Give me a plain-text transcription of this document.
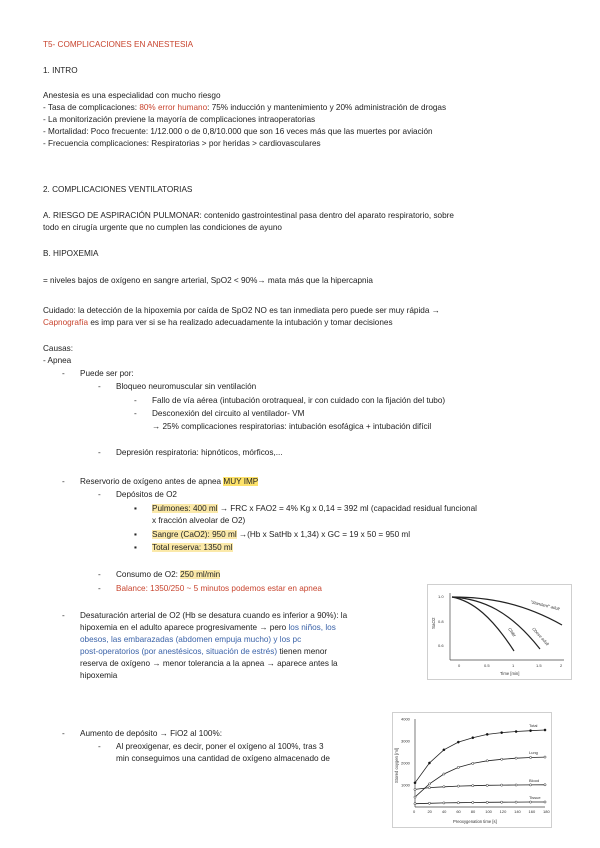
T5- COMPLICACIONES EN ANESTESIA
1. INTRO
Anestesia es una especialidad con mucho riesgo
- Tasa de complicaciones: 80% error humano: 75% inducción y mantenimiento y 20% administración de drogas
- La monitorización previene la mayoría de complicaciones intraoperatorias
- Mortalidad: Poco frecuente: 1/12.000 o de 0,8/10.000 que son 16 veces más que las muertes por aviación
- Frecuencia complicaciones: Respiratorias > por heridas > cardiovasculares
2. COMPLICACIONES VENTILATORIAS
A. RIESGO DE ASPIRACIÓN PULMONAR: contenido gastrointestinal pasa dentro del aparato respiratorio, sobre
todo en cirugía urgente que no cumplen las condiciones de ayuno
B. HIPOXEMIA
= niveles bajos de oxígeno en sangre arterial, SpO2 < 90%→ mata más que la hipercapnia
Cuidado: la detección de la hipoxemia por caída de SpO2 NO es tan inmediata pero puede ser muy rápida →
Capnografía es imp para ver si se ha realizado adecuadamente la intubación y tomar decisiones
Causas:
- Apnea
- Puede ser por:
- Bloqueo neuromuscular sin ventilación
- Fallo de vía aérea (intubación orotraqueal, ir con cuidado con la fijación del tubo)
- Desconexión del circuito al ventilador- VM
→ 25% complicaciones respiratorias: intubación esofágica + intubación difícil
- Depresión respiratoria: hipnóticos, mórficos,...
- Reservorio de oxígeno antes de apnea MUY IMP
- Depósitos de O2
▪ Pulmones: 400 ml → FRC x FAO2 = 4% Kg x 0,14 = 392 ml (capacidad residual funcional
x fracción alveolar de O2)
▪ Sangre (CaO2): 950 ml →(Hb x SatHb x 1,34) x GC = 19 x 50 = 950 ml
▪ Total reserva: 1350 ml
- Consumo de O2: 250 ml/min
- Balance: 1350/250 ~ 5 minutos podemos estar en apnea
- Desaturación arterial de O2 (Hb se desatura cuando es inferior a 90%): la
hipoxemia en el adulto aparece progresivamente → pero los niños, los
obesos, las embarazadas (abdomen empuja mucho) y los pc
post-operatorios (por anestésicos, situación de estrés) tienen menor
reserva de oxígeno → menor tolerancia a la apnea → aparece antes la
hipoxemia
- Aumento de depósito → FiO2 al 100%:
- Al preoxigenar, es decir, poner el oxígeno al 100%, tras 3
min conseguimos una cantidad de oxígeno almacenado de
SaO2
1.0
0.8
0.6
0	0.5	1	1.5	2
Time [min]
"Standard" adult
Obese adult
Child
Stored oxygen [ml]
Preoxygenation time [s]
4000
3000
2000
1000
0	20 40 60 80 100 120 140 160 180
Total
Lung
Blood
Tissue
